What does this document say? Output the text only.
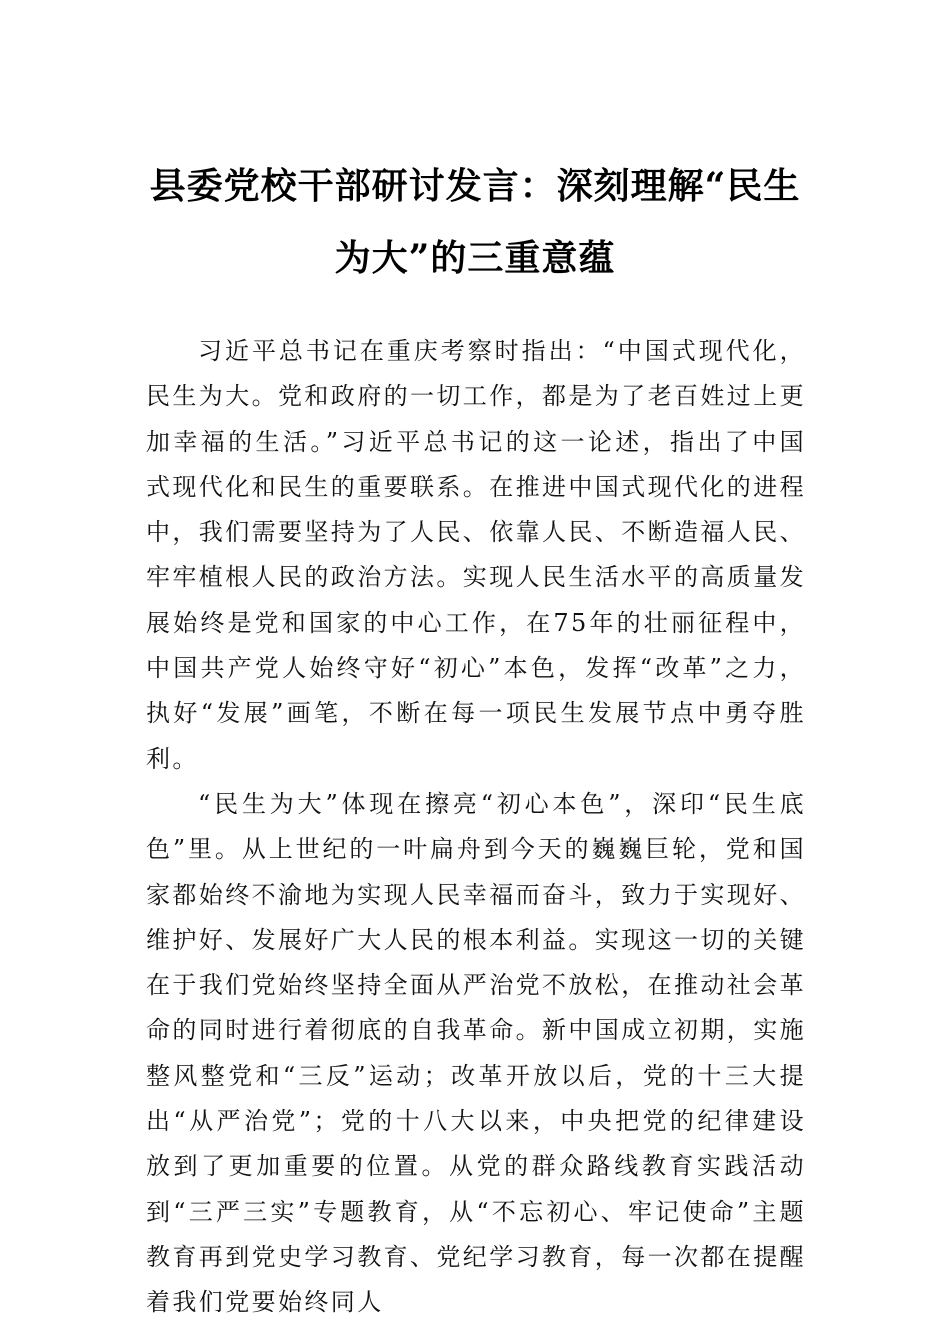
县委党校干部研讨发言：深刻理解“民生
为大”的三重意蕴

习近平总书记在重庆考察时指出：“中国式现代化，民生为大。党和政府的一切工作，都是为了老百姓过上更加幸福的生活。”习近平总书记的这一论述，指出了中国式现代化和民生的重要联系。在推进中国式现代化的进程中，我们需要坚持为了人民、依靠人民、不断造福人民、牢牢植根人民的政治方法。实现人民生活水平的高质量发展始终是党和国家的中心工作，在75年的壮丽征程中，中国共产党人始终守好“初心”本色，发挥“改革”之力，执好“发展”画笔，不断在每一项民生发展节点中勇夺胜利。

“民生为大”体现在擦亮“初心本色”，深印“民生底色”里。从上世纪的一叶扁舟到今天的巍巍巨轮，党和国家都始终不渝地为实现人民幸福而奋斗，致力于实现好、维护好、发展好广大人民的根本利益。实现这一切的关键在于我们党始终坚持全面从严治党不放松，在推动社会革命的同时进行着彻底的自我革命。新中国成立初期，实施整风整党和“三反”运动；改革开放以后，党的十三大提出“从严治党”；党的十八大以来，中央把党的纪律建设放到了更加重要的位置。从党的群众路线教育实践活动到“三严三实”专题教育，从“不忘初心、牢记使命”主题教育再到党史学习教育、党纪学习教育，每一次都在提醒着我们党要始终同人
